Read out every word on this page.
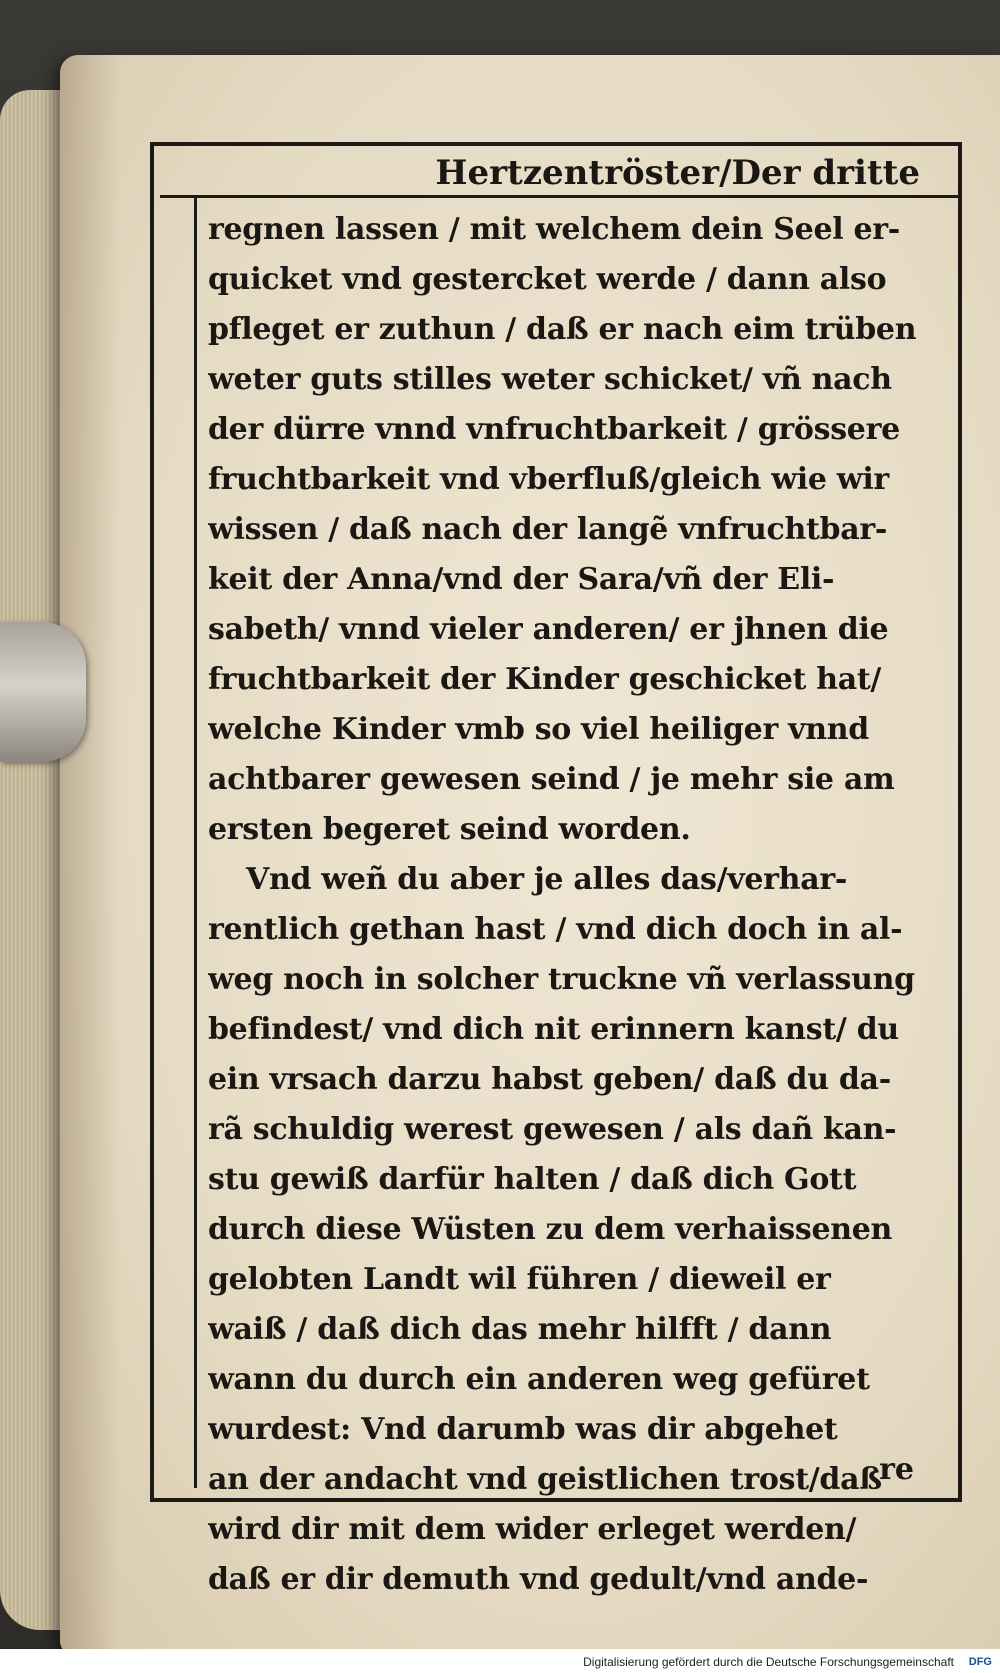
Hertzentröster/Der dritte
regnen lassen / mit welchem dein Seel er-
quicket vnd gestercket werde / dann also
pfleget er zuthun / daß er nach eim trüben
weter guts stilles weter schicket/ vñ nach
der dürre vnnd vnfruchtbarkeit / grössere
fruchtbarkeit vnd vberfluß/gleich wie wir
wissen / daß nach der langẽ vnfruchtbar-
keit der Anna/vnd der Sara/vñ der Eli-
sabeth/ vnnd vieler anderen/ er jhnen die
fruchtbarkeit der Kinder geschicket hat/
welche Kinder vmb so viel heiliger vnnd
achtbarer gewesen seind / je mehr sie am
ersten begeret seind worden.
Vnd weñ du aber je alles das/verhar-
rentlich gethan hast / vnd dich doch in al-
weg noch in solcher truckne vñ verlassung
befindest/ vnd dich nit erinnern kanst/ du
ein vrsach darzu habst geben/ daß du da-
rã schuldig werest gewesen / als dañ kan-
stu gewiß darfür halten / daß dich Gott
durch diese Wüsten zu dem verhaissenen
gelobten Landt wil führen / dieweil er
waiß / daß dich das mehr hilfft / dann
wann du durch ein anderen weg gefüret
wurdest: Vnd darumb was dir abgehet
an der andacht vnd geistlichen trost/daß
wird dir mit dem wider erleget werden/
daß er dir demuth vnd gedult/vnd ande-
re
Digitalisierung gefördert durch die Deutsche Forschungsgemeinschaft DFG
